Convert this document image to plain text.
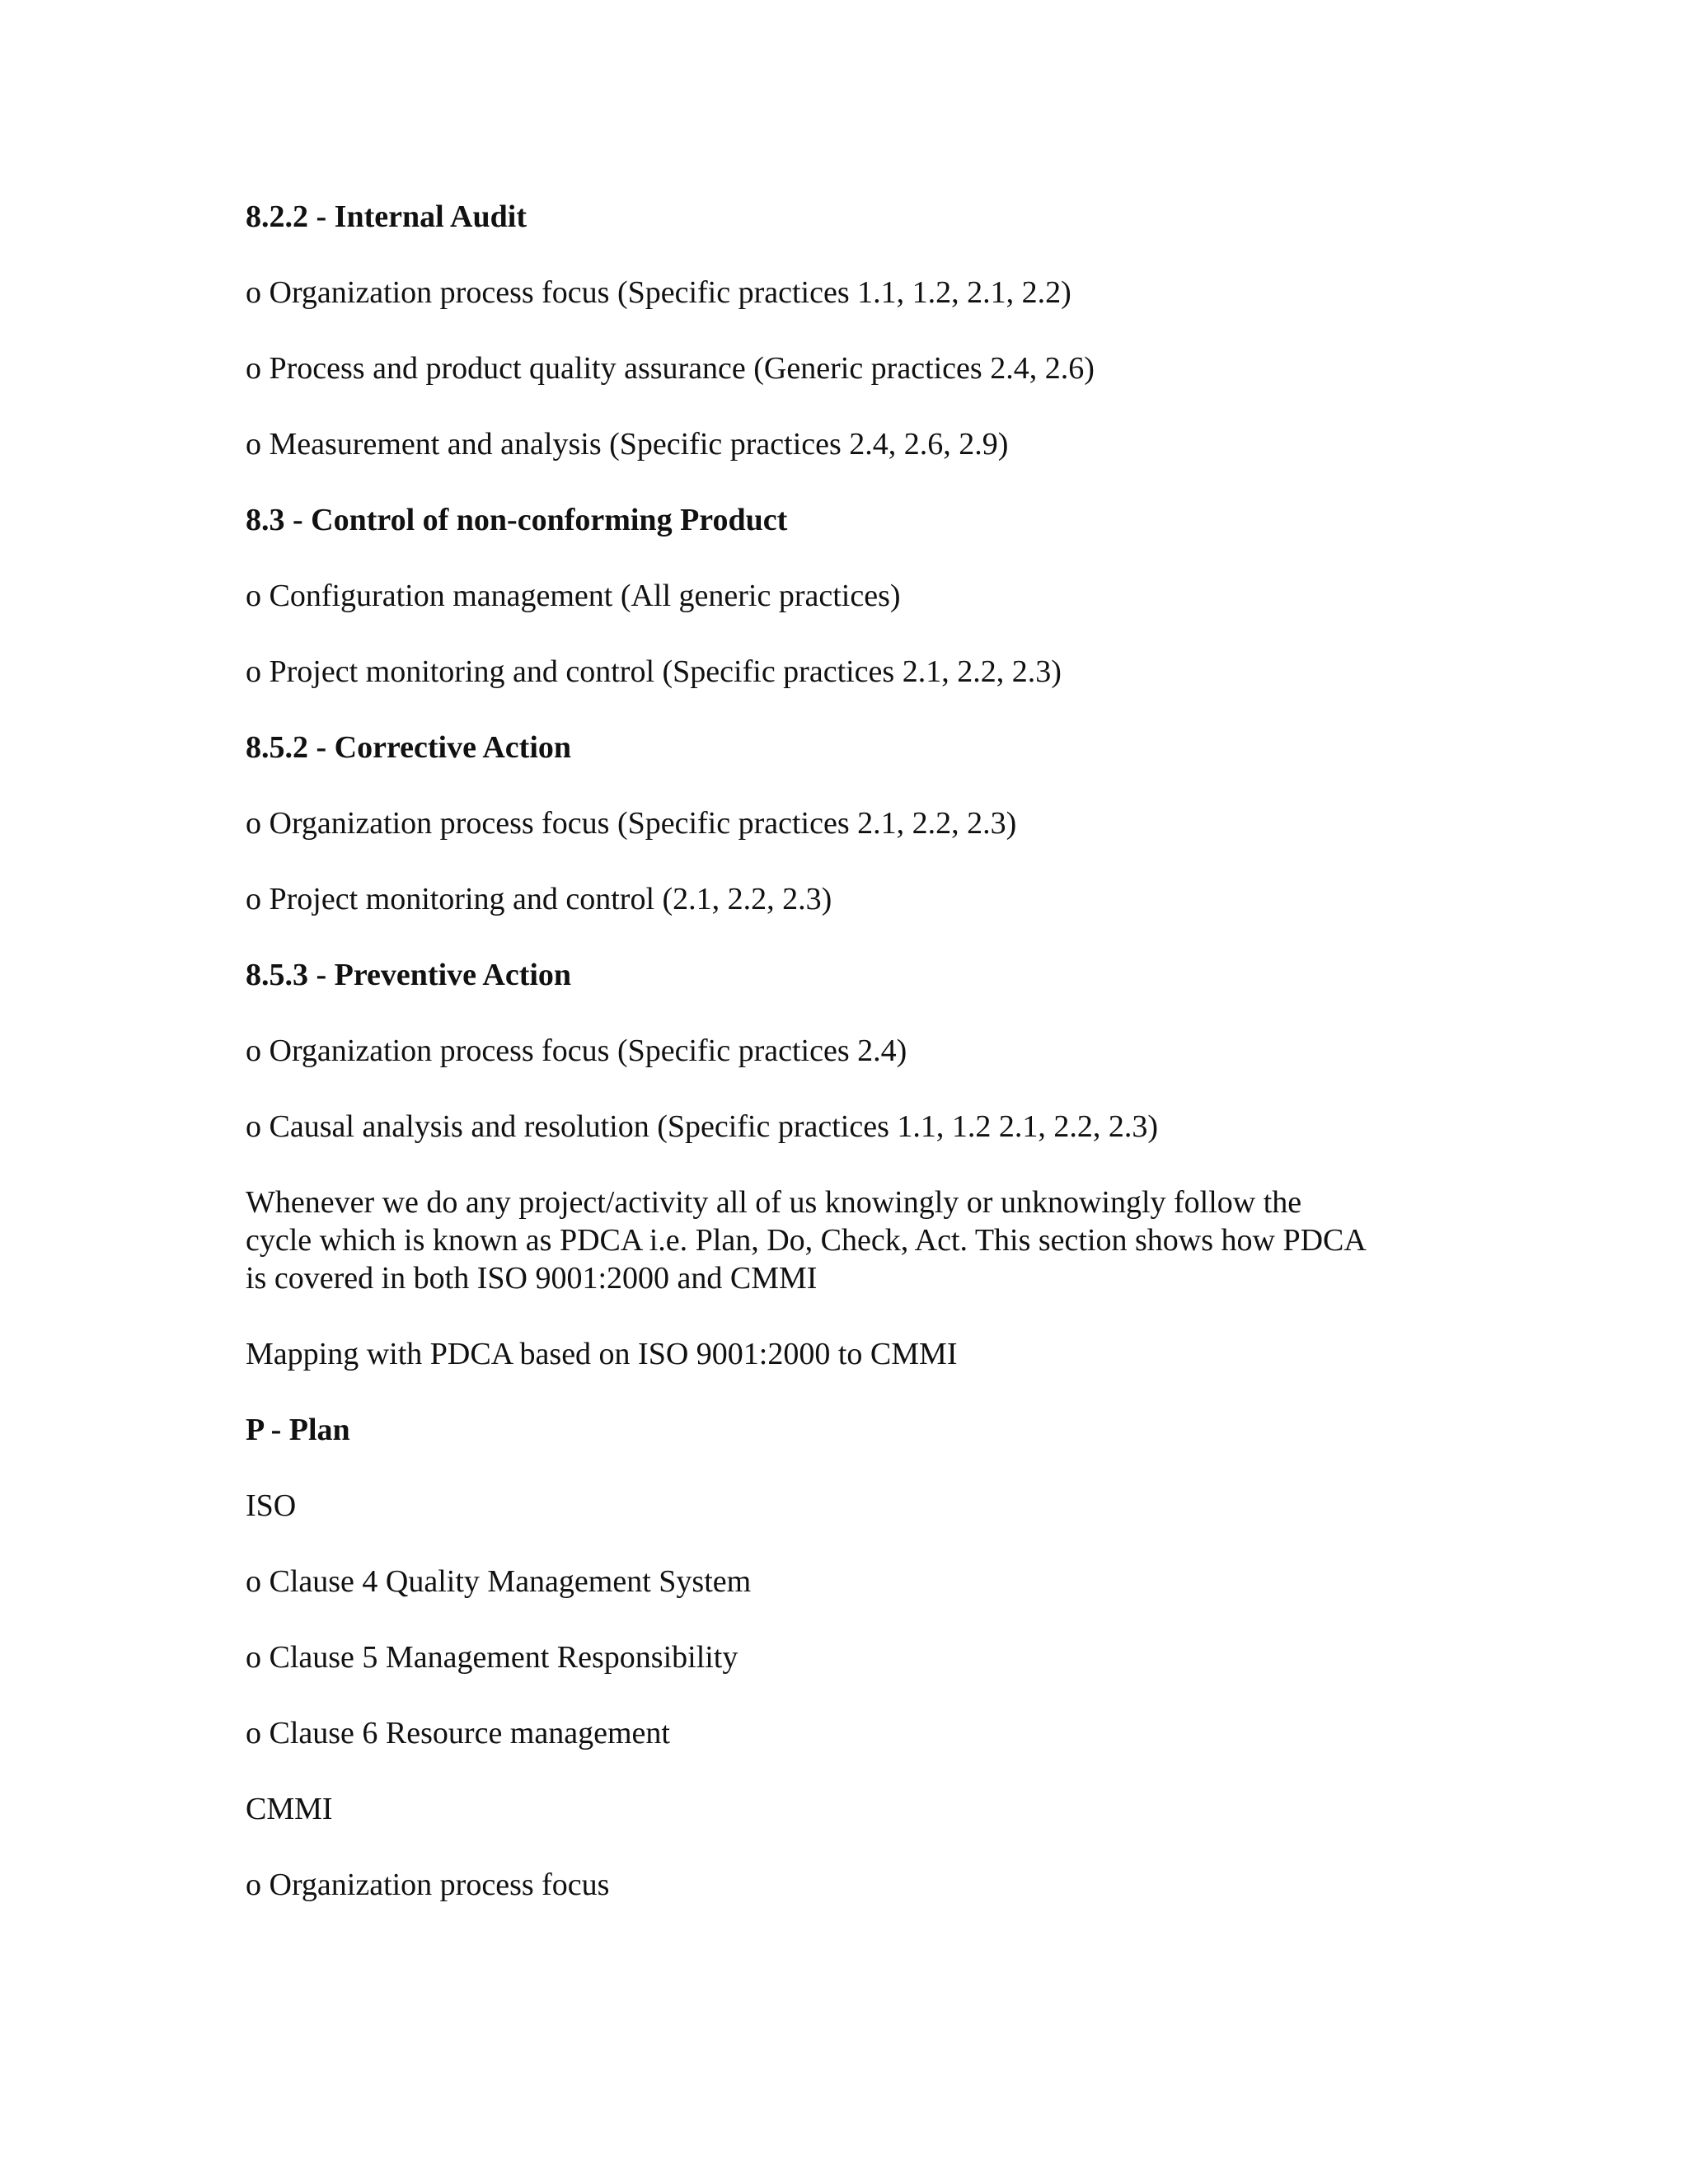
8.2.2 - Internal Audit
o Organization process focus (Specific practices 1.1, 1.2, 2.1, 2.2)
o Process and product quality assurance (Generic practices 2.4, 2.6)
o Measurement and analysis (Specific practices 2.4, 2.6, 2.9)
8.3 - Control of non-conforming Product
o Configuration management (All generic practices)
o Project monitoring and control (Specific practices 2.1, 2.2, 2.3)
8.5.2 - Corrective Action
o Organization process focus (Specific practices 2.1, 2.2, 2.3)
o Project monitoring and control (2.1, 2.2, 2.3)
8.5.3 - Preventive Action
o Organization process focus (Specific practices 2.4)
o Causal analysis and resolution (Specific practices 1.1, 1.2 2.1, 2.2, 2.3)
Whenever we do any project/activity all of us knowingly or unknowingly follow the
cycle which is known as PDCA i.e. Plan, Do, Check, Act. This section shows how PDCA
is covered in both ISO 9001:2000 and CMMI
Mapping with PDCA based on ISO 9001:2000 to CMMI
P - Plan
ISO
o Clause 4 Quality Management System
o Clause 5 Management Responsibility
o Clause 6 Resource management
CMMI
o Organization process focus
